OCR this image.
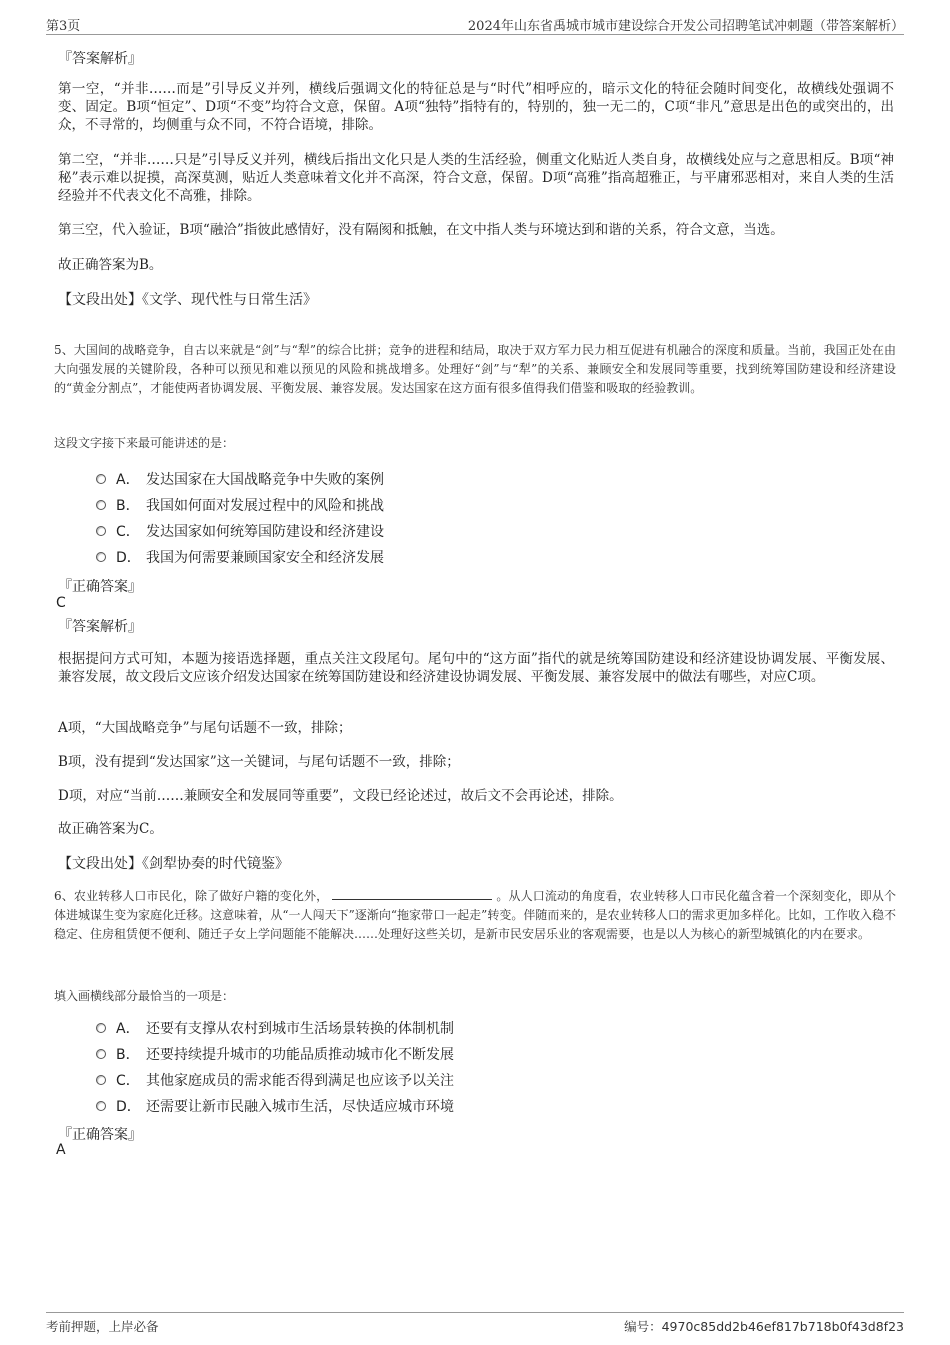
第3页	2024年山东省禹城市城市建设综合开发公司招聘笔试冲刺题（带答案解析）
『答案解析』
第一空，“并非……而是”引导反义并列，横线后强调文化的特征总是与“时代”相呼应的，暗示文化的特征会随时间变化，故横线处强调不变、固定。B项“恒定”、D项“不变”均符合文意，保留。A项“独特”指特有的，特别的，独一无二的，C项“非凡”意思是出色的或突出的，出众，不寻常的，均侧重与众不同，不符合语境，排除。
第二空，“并非……只是”引导反义并列，横线后指出文化只是人类的生活经验，侧重文化贴近人类自身，故横线处应与之意思相反。B项“神秘”表示难以捉摸，高深莫测，贴近人类意味着文化并不高深，符合文意，保留。D项“高雅”指高超雅正，与平庸邪恶相对，来自人类的生活经验并不代表文化不高雅，排除。
第三空，代入验证，B项“融洽”指彼此感情好，没有隔阂和抵触，在文中指人类与环境达到和谐的关系，符合文意，当选。
故正确答案为B。
【文段出处】《文学、现代性与日常生活》
5、大国间的战略竞争，自古以来就是“剑”与“犁”的综合比拼；竞争的进程和结局，取决于双方军力民力相互促进有机融合的深度和质量。当前，我国正处在由大向强发展的关键阶段，各种可以预见和难以预见的风险和挑战增多。处理好“剑”与“犁”的关系、兼顾安全和发展同等重要，找到统筹国防建设和经济建设的“黄金分割点”，才能使两者协调发展、平衡发展、兼容发展。发达国家在这方面有很多值得我们借鉴和吸取的经验教训。
这段文字接下来最可能讲述的是：
A． 发达国家在大国战略竞争中失败的案例
B． 我国如何面对发展过程中的风险和挑战
C． 发达国家如何统筹国防建设和经济建设
D． 我国为何需要兼顾国家安全和经济发展
『正确答案』
C
『答案解析』
根据提问方式可知，本题为接语选择题，重点关注文段尾句。尾句中的“这方面”指代的就是统筹国防建设和经济建设协调发展、平衡发展、兼容发展，故文段后文应该介绍发达国家在统筹国防建设和经济建设协调发展、平衡发展、兼容发展中的做法有哪些，对应C项。
A项，“大国战略竞争”与尾句话题不一致，排除；
B项，没有提到“发达国家”这一关键词，与尾句话题不一致，排除；
D项，对应“当前……兼顾安全和发展同等重要”，文段已经论述过，故后文不会再论述，排除。
故正确答案为C。
【文段出处】《剑犁协奏的时代镜鉴》
6、农业转移人口市民化，除了做好户籍的变化外，	。从人口流动的角度看，农业转移人口市民化蕴含着一个深刻变化，即从个体进城谋生变为家庭化迁移。这意味着，从“一人闯天下”逐渐向“拖家带口一起走”转变。伴随而来的，是农业转移人口的需求更加多样化。比如，工作收入稳不稳定、住房租赁便不便利、随迁子女上学问题能不能解决……处理好这些关切，是新市民安居乐业的客观需要，也是以人为核心的新型城镇化的内在要求。
填入画横线部分最恰当的一项是：
A． 还要有支撑从农村到城市生活场景转换的体制机制
B． 还要持续提升城市的功能品质推动城市化不断发展
C． 其他家庭成员的需求能否得到满足也应该予以关注
D． 还需要让新市民融入城市生活，尽快适应城市环境
『正确答案』
A
考前押题，上岸必备	编号：4970c85dd2b46ef817b718b0f43d8f23
